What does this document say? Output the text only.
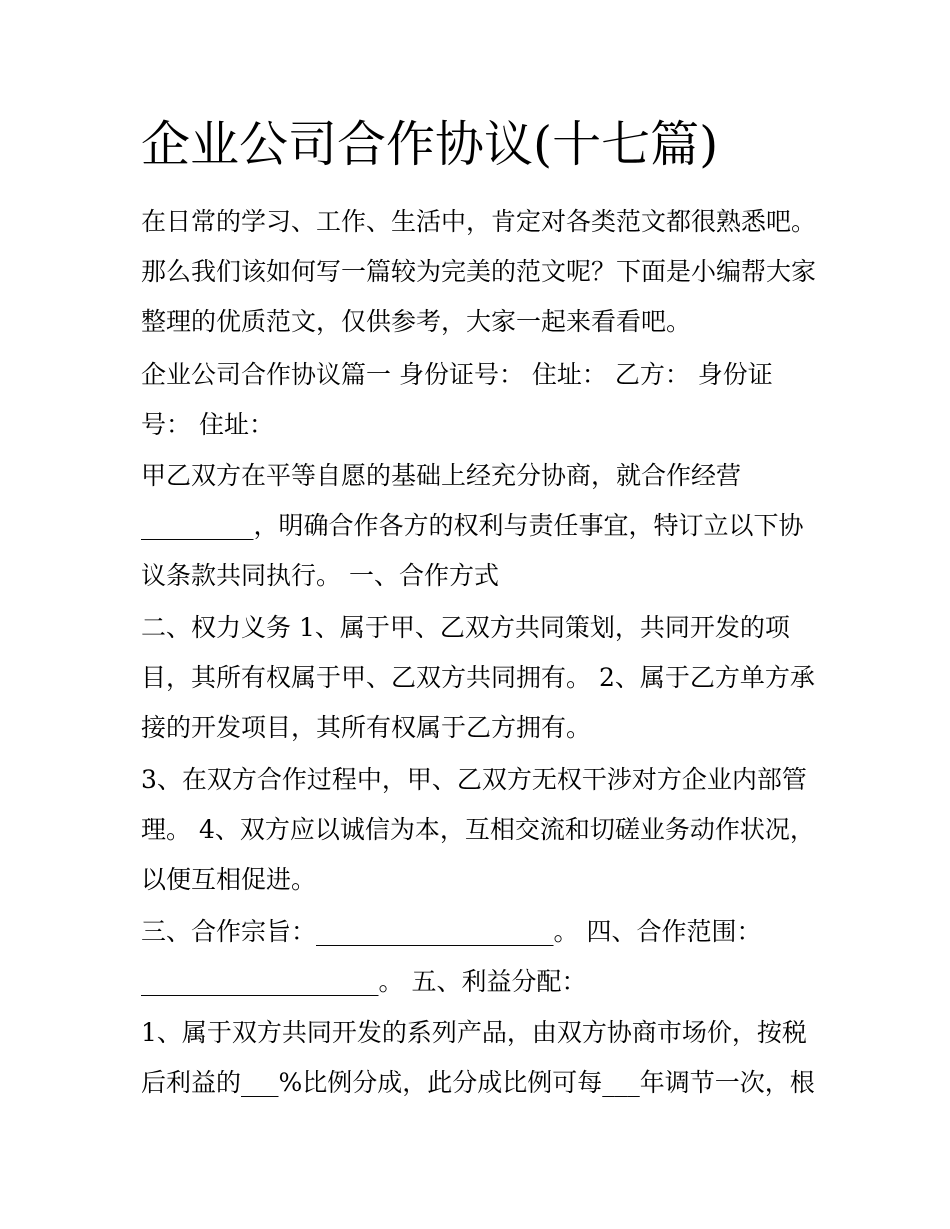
企业公司合作协议(十七篇)

在日常的学习、工作、生活中，肯定对各类范文都很熟悉吧。

那么我们该如何写一篇较为完美的范文呢？下面是小编帮大家

整理的优质范文，仅供参考，大家一起来看看吧。

企业公司合作协议篇一 身份证号： 住址： 乙方： 身份证

号： 住址：

甲乙双方在平等自愿的基础上经充分协商，就合作经营

_________，明确合作各方的权利与责任事宜，特订立以下协

议条款共同执行。 一、合作方式

二、权力义务 1、属于甲、乙双方共同策划，共同开发的项

目，其所有权属于甲、乙双方共同拥有。 2、属于乙方单方承

接的开发项目，其所有权属于乙方拥有。

3、在双方合作过程中，甲、乙双方无权干涉对方企业内部管

理。 4、双方应以诚信为本，互相交流和切磋业务动作状况，

以便互相促进。

三、合作宗旨：___________________。 四、合作范围：

___________________。 五、利益分配：

1、属于双方共同开发的系列产品，由双方协商市场价，按税

后利益的___%比例分成，此分成比例可每___年调节一次，根
